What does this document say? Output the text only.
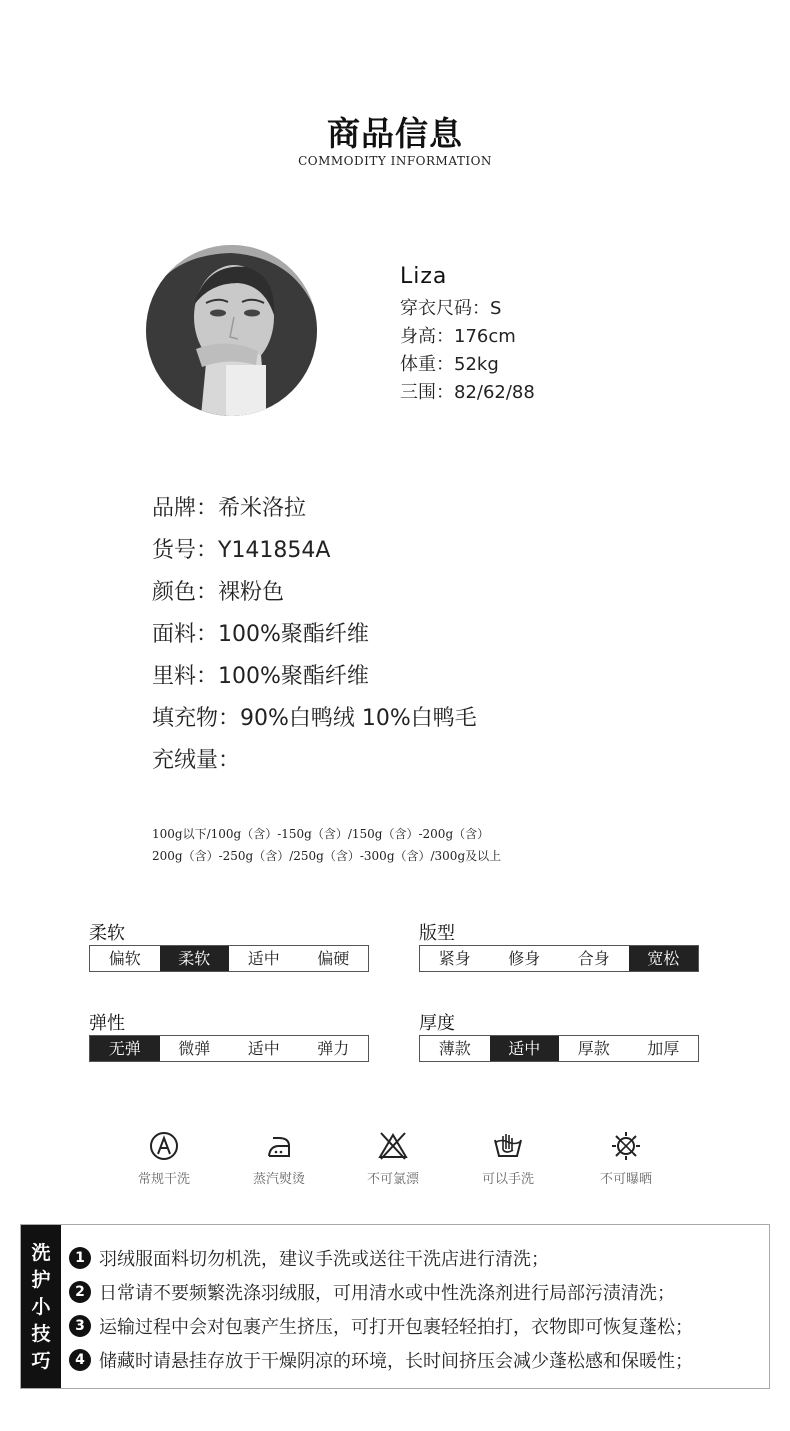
商品信息
COMMODITY INFORMATION
Liza
穿衣尺码：S
身高：176cm
体重：52kg
三围：82/62/88
品牌：希米洛拉
货号：Y141854A
颜色：裸粉色
面料：100%聚酯纤维
里料：100%聚酯纤维
填充物：90%白鸭绒 10%白鸭毛
充绒量：
100g以下/100g（含）-150g（含）/150g（含）-200g（含）
200g（含）-250g（含）/250g（含）-300g（含）/300g及以上
柔软
偏软	柔软	适中	偏硬
版型
紧身	修身	合身	宽松
弹性
无弹	微弹	适中	弹力
厚度
薄款	适中	厚款	加厚
常规干洗	蒸汽熨烫	不可氯漂	可以手洗	不可曝晒
洗
护
小
技
巧
1 羽绒服面料切勿机洗，建议手洗或送往干洗店进行清洗；
2 日常请不要频繁洗涤羽绒服，可用清水或中性洗涤剂进行局部污渍清洗；
3 运输过程中会对包裹产生挤压，可打开包裹轻轻拍打，衣物即可恢复蓬松；
4 储藏时请悬挂存放于干燥阴凉的环境，长时间挤压会减少蓬松感和保暖性；
